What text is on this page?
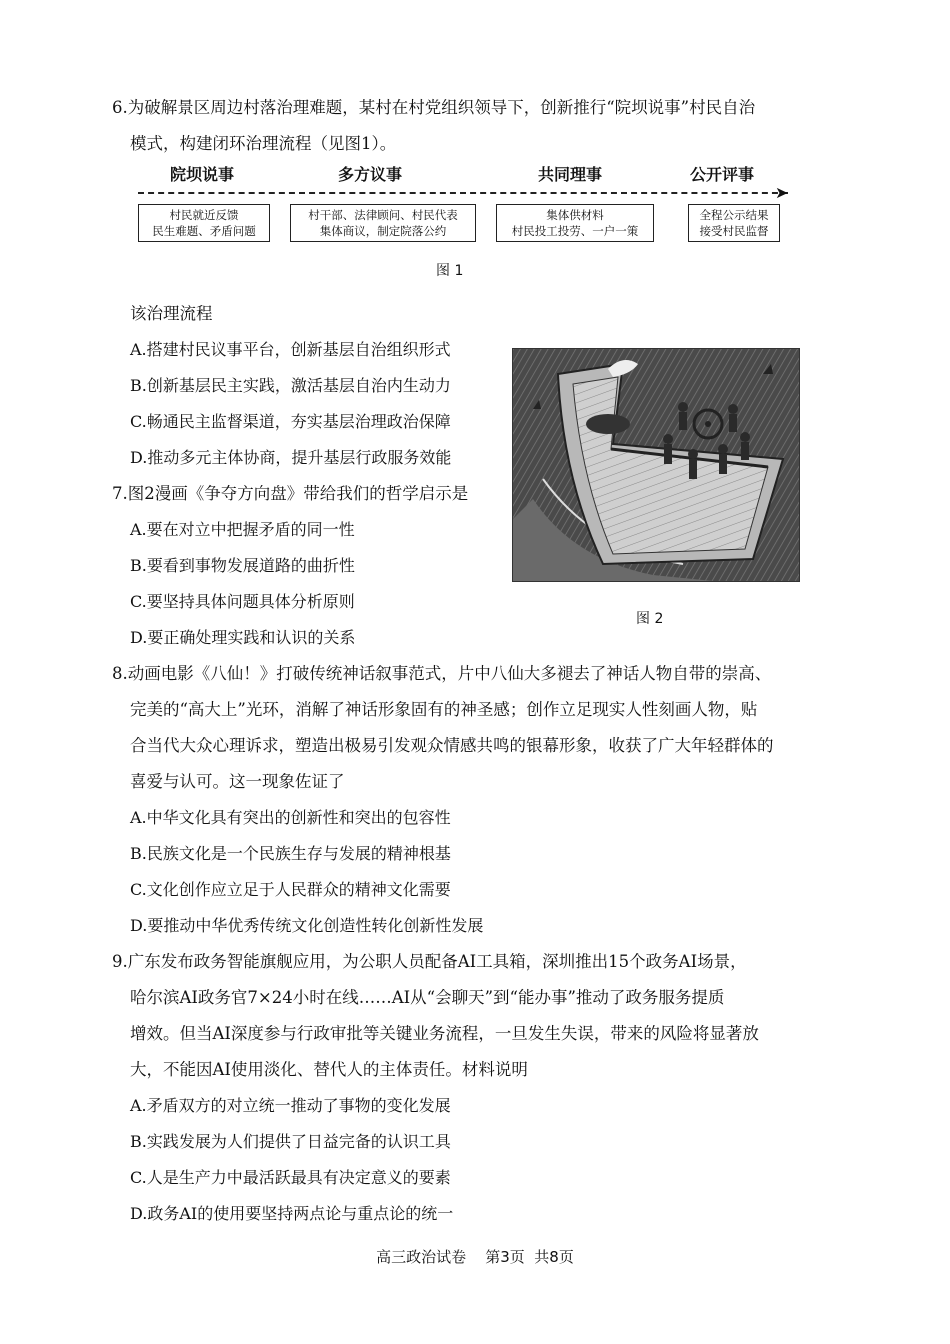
6.为破解景区周边村落治理难题，某村在村党组织领导下，创新推行“院坝说事”村民自治
模式，构建闭环治理流程（见图1）。
院坝说事	多方议事	共同理事	公开评事
➤
村民就近反馈
民生难题、矛盾问题
村干部、法律顾问、村民代表
集体商议，制定院落公约
集体供材料
村民投工投劳、一户一策
全程公示结果
接受村民监督
图 1
该治理流程
A.搭建村民议事平台，创新基层自治组织形式
B.创新基层民主实践，激活基层自治内生动力
C.畅通民主监督渠道，夯实基层治理政治保障
D.推动多元主体协商，提升基层行政服务效能
7.图2漫画《争夺方向盘》带给我们的哲学启示是
A.要在对立中把握矛盾的同一性
B.要看到事物发展道路的曲折性
C.要坚持具体问题具体分析原则
D.要正确处理实践和认识的关系
图 2
8.动画电影《八仙！》打破传统神话叙事范式，片中八仙大多褪去了神话人物自带的崇高、
完美的“高大上”光环，消解了神话形象固有的神圣感；创作立足现实人性刻画人物，贴
合当代大众心理诉求，塑造出极易引发观众情感共鸣的银幕形象，收获了广大年轻群体的
喜爱与认可。这一现象佐证了
A.中华文化具有突出的创新性和突出的包容性
B.民族文化是一个民族生存与发展的精神根基
C.文化创作应立足于人民群众的精神文化需要
D.要推动中华优秀传统文化创造性转化创新性发展
9.广东发布政务智能旗舰应用，为公职人员配备AI工具箱，深圳推出15个政务AI场景，
哈尔滨AI政务官7×24小时在线……AI从“会聊天”到“能办事”推动了政务服务提质
增效。但当AI深度参与行政审批等关键业务流程，一旦发生失误，带来的风险将显著放
大，不能因AI使用淡化、替代人的主体责任。材料说明
A.矛盾双方的对立统一推动了事物的变化发展
B.实践发展为人们提供了日益完备的认识工具
C.人是生产力中最活跃最具有决定意义的要素
D.政务AI的使用要坚持两点论与重点论的统一
高三政治试卷    第3页  共8页
